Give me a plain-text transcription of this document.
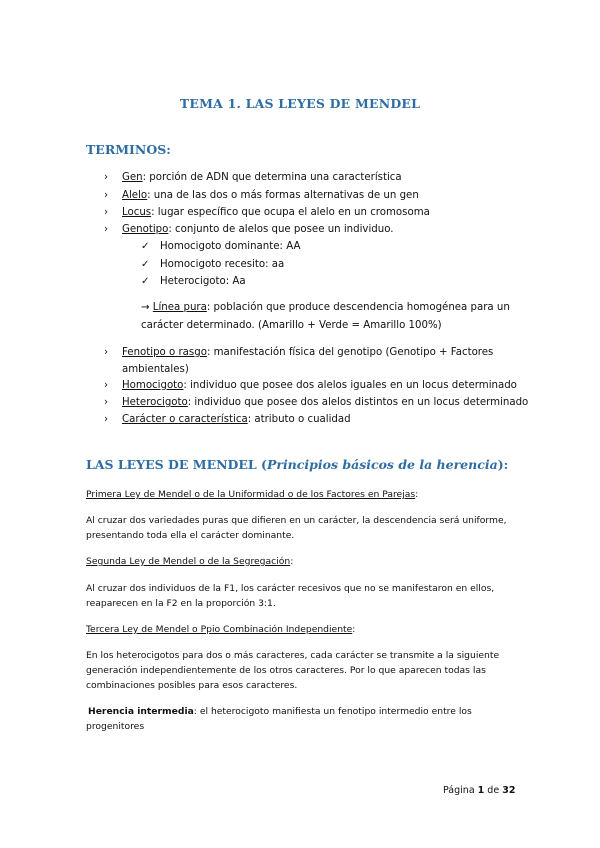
TEMA 1. LAS LEYES DE MENDEL
TERMINOS:
›	Gen: porción de ADN que determina una característica
›	Alelo: una de las dos o más formas alternativas de un gen
›	Locus: lugar específico que ocupa el alelo en un cromosoma
›	Genotipo: conjunto de alelos que posee un individuo.
✓	Homocigoto dominante: AA
✓	Homocigoto recesito: aa
✓	Heterocigoto: Aa
→ Línea pura: población que produce descendencia homogénea para un
carácter determinado. (Amarillo + Verde = Amarillo 100%)
›	Fenotipo o rasgo: manifestación física del genotipo (Genotipo + Factores
ambientales)
›	Homocigoto: individuo que posee dos alelos iguales en un locus determinado
›	Heterocigoto: individuo que posee dos alelos distintos en un locus determinado
›	Carácter o característica: atributo o cualidad
LAS LEYES DE MENDEL (Principios básicos de la herencia):
Primera Ley de Mendel o de la Uniformidad o de los Factores en Parejas:
Al cruzar dos variedades puras que difieren en un carácter, la descendencia será uniforme,
presentando toda ella el carácter dominante.
Segunda Ley de Mendel o de la Segregación:
Al cruzar dos individuos de la F1, los carácter recesivos que no se manifestaron en ellos,
reaparecen en la F2 en la proporción 3:1.
Tercera Ley de Mendel o Ppio Combinación Independiente:
En los heterocigotos para dos o más caracteres, cada carácter se transmite a la siguiente
generación independientemente de los otros caracteres. Por lo que aparecen todas las
combinaciones posibles para esos caracteres.
Herencia intermedia: el heterocigoto manifiesta un fenotipo intermedio entre los
progenitores
Página 1 de 32
